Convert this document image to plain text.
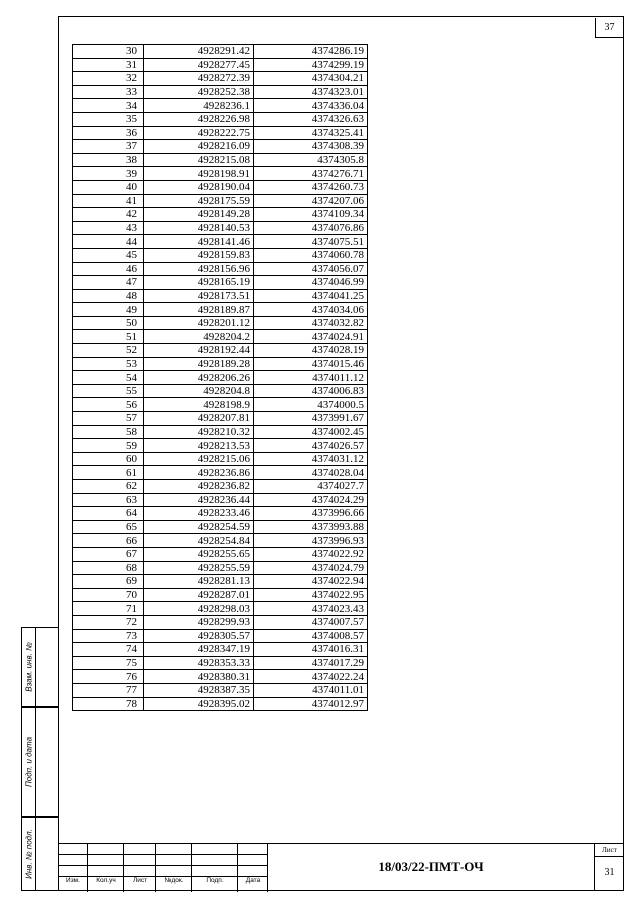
37
30	4928291.42	4374286.19
31	4928277.45	4374299.19
32	4928272.39	4374304.21
33	4928252.38	4374323.01
34	4928236.1	4374336.04
35	4928226.98	4374326.63
36	4928222.75	4374325.41
37	4928216.09	4374308.39
38	4928215.08	4374305.8
39	4928198.91	4374276.71
40	4928190.04	4374260.73
41	4928175.59	4374207.06
42	4928149.28	4374109.34
43	4928140.53	4374076.86
44	4928141.46	4374075.51
45	4928159.83	4374060.78
46	4928156.96	4374056.07
47	4928165.19	4374046.99
48	4928173.51	4374041.25
49	4928189.87	4374034.06
50	4928201.12	4374032.82
51	4928204.2	4374024.91
52	4928192.44	4374028.19
53	4928189.28	4374015.46
54	4928206.26	4374011.12
55	4928204.8	4374006.83
56	4928198.9	4374000.5
57	4928207.81	4373991.67
58	4928210.32	4374002.45
59	4928213.53	4374026.57
60	4928215.06	4374031.12
61	4928236.86	4374028.04
62	4928236.82	4374027.7
63	4928236.44	4374024.29
64	4928233.46	4373996.66
65	4928254.59	4373993.88
66	4928254.84	4373996.93
67	4928255.65	4374022.92
68	4928255.59	4374024.79
69	4928281.13	4374022.94
70	4928287.01	4374022.95
71	4928298.03	4374023.43
72	4928299.93	4374007.57
73	4928305.57	4374008.57
74	4928347.19	4374016.31
75	4928353.33	4374017.29
76	4928380.31	4374022.24
77	4928387.35	4374011.01
78	4928395.02	4374012.97
Взам. инв. №
Подп. и дата
Инв. № подл.
Изм.	Кол.уч	Лист	№док.	Подп.	Дата
18/03/22-ПМТ-ОЧ
Лист
31
